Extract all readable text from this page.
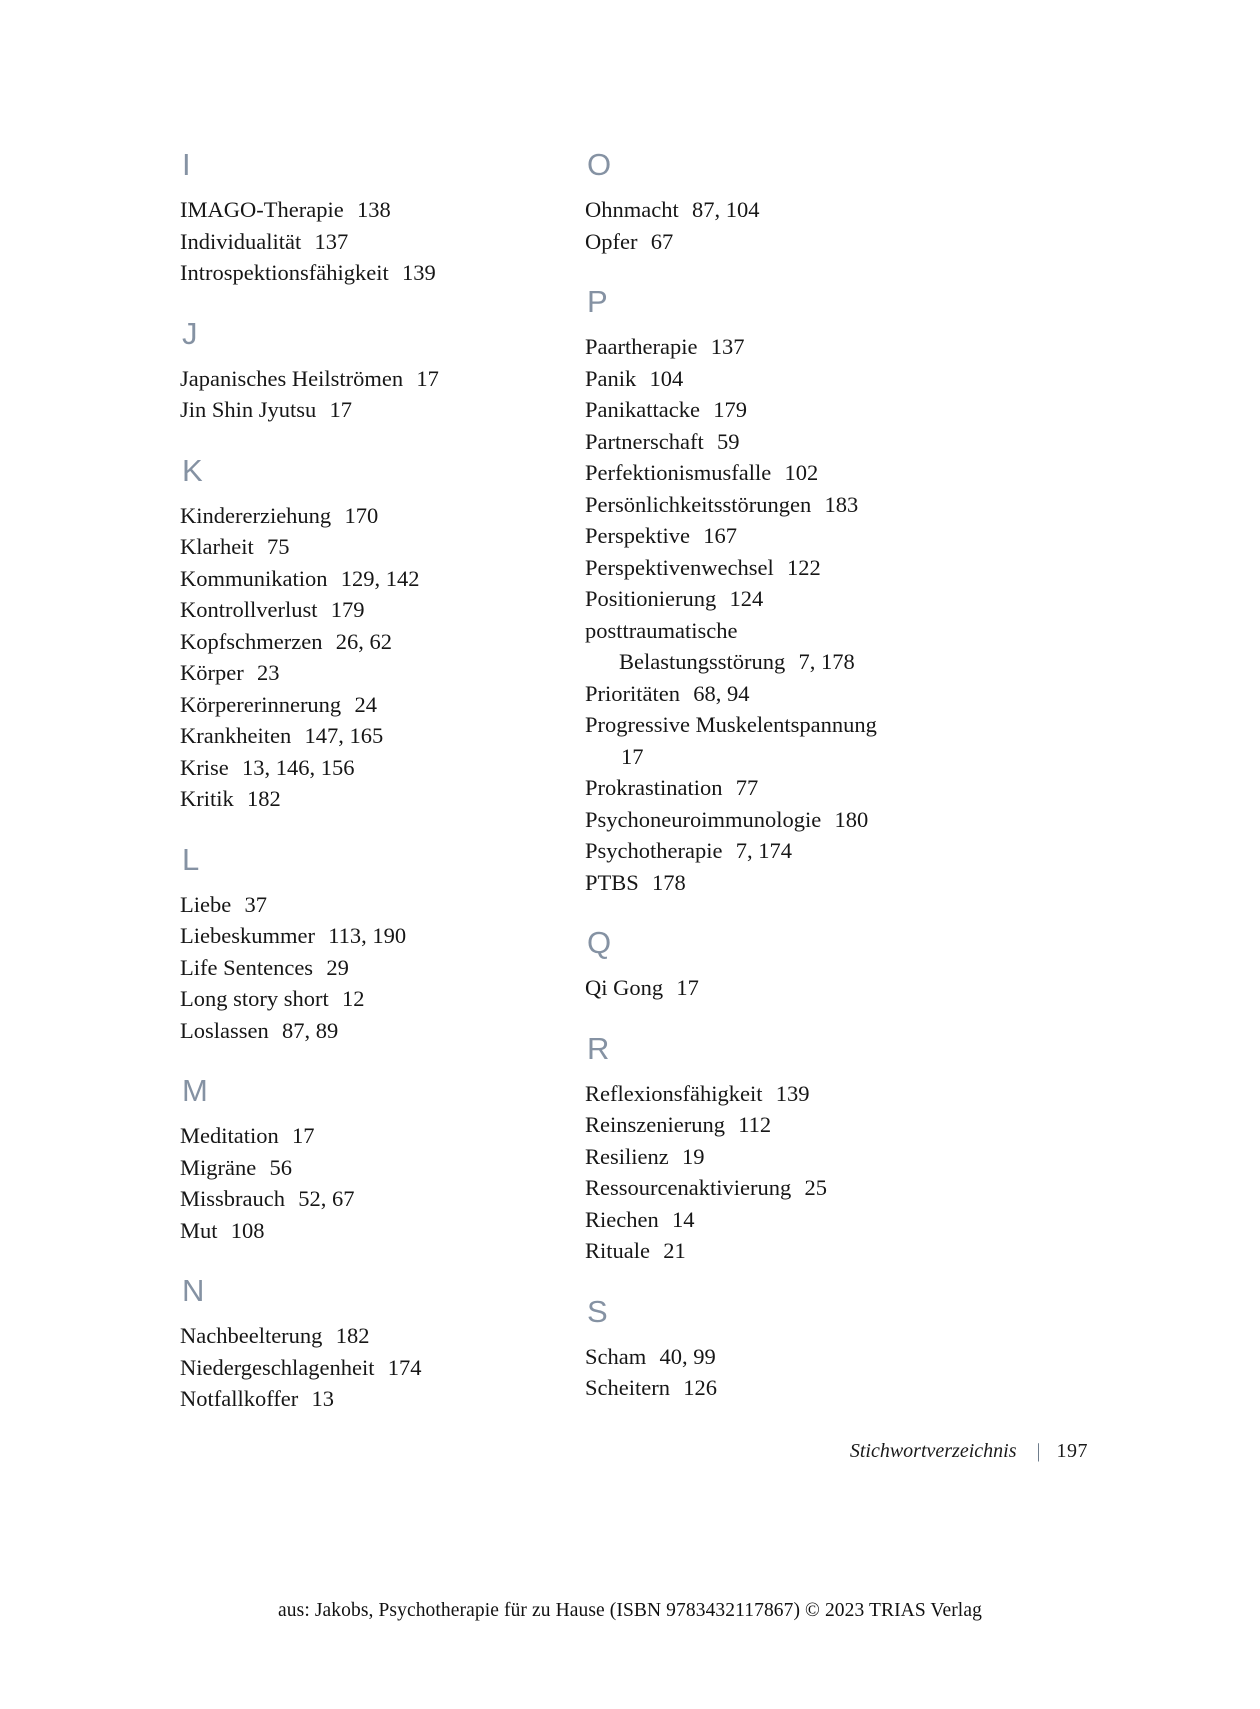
I
IMAGO-Therapie  138
Individualität  137
Introspektionsfähigkeit  139
J
Japanisches Heilströmen  17
Jin Shin Jyutsu  17
K
Kindererziehung  170
Klarheit  75
Kommunikation  129, 142
Kontrollverlust  179
Kopfschmerzen  26, 62
Körper  23
Körpererinnerung  24
Krankheiten  147, 165
Krise  13, 146, 156
Kritik  182
L
Liebe  37
Liebeskummer  113, 190
Life Sentences  29
Long story short  12
Loslassen  87, 89
M
Meditation  17
Migräne  56
Missbrauch  52, 67
Mut  108
N
Nachbeelterung  182
Niedergeschlagenheit  174
Notfallkoffer  13
O
Ohnmacht  87, 104
Opfer  67
P
Paartherapie  137
Panik  104
Panikattacke  179
Partnerschaft  59
Perfektionismusfalle  102
Persönlichkeitsstörungen  183
Perspektive  167
Perspektivenwechsel  122
Positionierung  124
posttraumatische
Belastungsstörung  7, 178
Prioritäten  68, 94
Progressive Muskelentspannung
17
Prokrastination  77
Psychoneuroimmunologie  180
Psychotherapie  7, 174
PTBS  178
Q
Qi Gong  17
R
Reflexionsfähigkeit  139
Reinszenierung  112
Resilienz  19
Ressourcenaktivierung  25
Riechen  14
Rituale  21
S
Scham  40, 99
Scheitern  126
Stichwortverzeichnis | 197
aus: Jakobs, Psychotherapie für zu Hause (ISBN 9783432117867) © 2023 TRIAS Verlag
